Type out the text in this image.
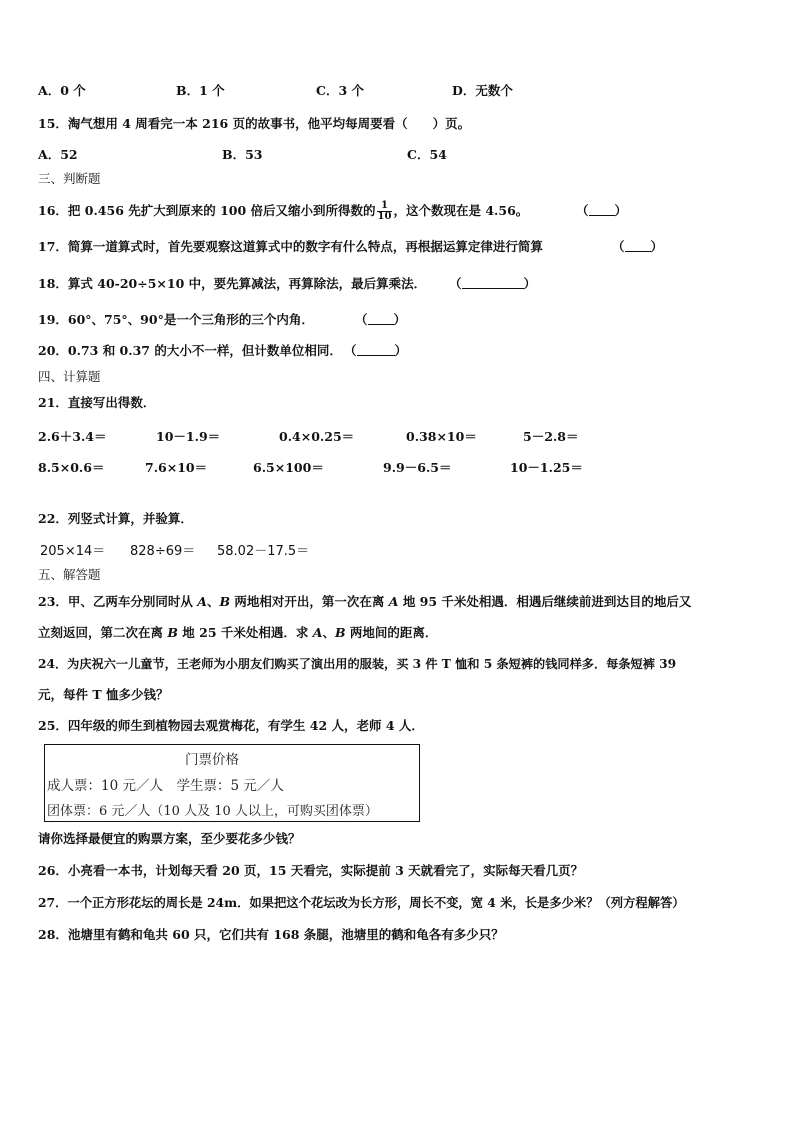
A．0 个	B．1 个	C．3 个	D．无数个
15．淘气想用 4 周看完一本 216 页的故事书，他平均每周要看（　　）页。
A．52	B．53	C．54
三、判断题
16．把 0.456 先扩大到原来的 100 倍后又缩小到所得数的 $\frac{1}{10}$ ，这个数现在是 4.56。	（ ）
17．简算一道算式时，首先要观察这道算式中的数字有什么特点，再根据运算定律进行简算	（ ）
18．算式 40-20÷5×10 中，要先算减法，再算除法，最后算乘法． （	）
19．60°、75°、90°是一个三角形的三个内角．	（ ）
20．0.73 和 0.37 的大小不一样，但计数单位相同． （	）
四、计算题
21．直接写出得数．
2.6＋3.4＝	10－1.9＝	0.4×0.25＝	0.38×10＝	5－2.8＝
8.5×0.6＝	7.6×10＝	6.5×100＝	9.9－6.5＝	10－1.25＝
22．列竖式计算，并验算．
205×14＝ 828÷69＝ 58.02－17.5＝
五、解答题
23．甲、乙两车分别同时从 A、B 两地相对开出，第一次在离 A 地 95 千米处相遇．相遇后继续前进到达目的地后又
立刻返回，第二次在离 B 地 25 千米处相遇．求 A、B 两地间的距离．
24．为庆祝六一儿童节，王老师为小朋友们购买了演出用的服装，买 3 件 T 恤和 5 条短裤的钱同样多．每条短裤 39
元，每件 T 恤多少钱？
25．四年级的师生到植物园去观赏梅花，有学生 42 人，老师 4 人．
门票价格
成人票：10 元／人　学生票：5 元／人
团体票：6 元／人（10 人及 10 人以上，可购买团体票）
请你选择最便宜的购票方案，至少要花多少钱？
26．小亮看一本书，计划每天看 20 页，15 天看完，实际提前 3 天就看完了，实际每天看几页？
27．一个正方形花坛的周长是 24m．如果把这个花坛改为长方形，周长不变，宽 4 米，长是多少米？（列方程解答）
28．池塘里有鹤和龟共 60 只，它们共有 168 条腿，池塘里的鹤和龟各有多少只？
